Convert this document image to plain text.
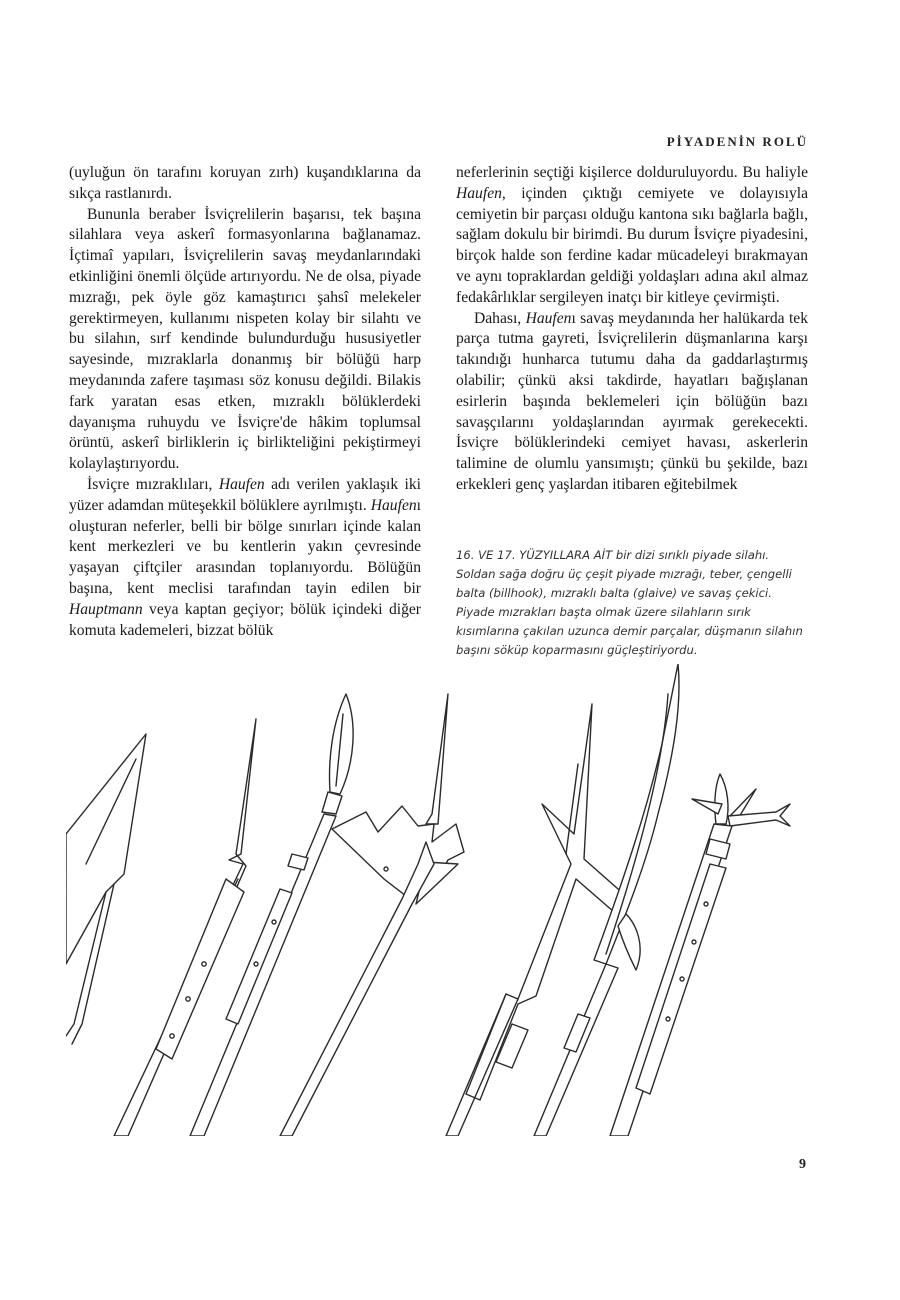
PİYADENİN ROLÜ

(uyluğun ön tarafını koruyan zırh) kuşandıklarına da sıkça rastlanırdı.

Bununla beraber İsviçrelilerin başarısı, tek başına silahlara veya askerî formasyonlarına bağlanamaz. İçtimaî yapıları, İsviçrelilerin savaş meydanlarındaki etkinliğini önemli ölçüde artırıyordu. Ne de olsa, piyade mızrağı, pek öyle göz kamaştırıcı şahsî melekeler gerektirmeyen, kullanımı nispeten kolay bir silahtı ve bu silahın, sırf kendinde bulundurduğu hususiyetler sayesinde, mızraklarla donanmış bir bölüğü harp meydanında zafere taşıması söz konusu değildi. Bilakis fark yaratan esas etken, mızraklı bölüklerdeki dayanışma ruhuydu ve İsviçre'de hâkim toplumsal örüntü, askerî birliklerin iç birlikteliğini pekiştirmeyi kolaylaştırıyordu.

İsviçre mızraklıları, Haufen adı verilen yaklaşık iki yüzer adamdan müteşekkil bölüklere ayrılmıştı. Haufenı oluşturan neferler, belli bir bölge sınırları içinde kalan kent merkezleri ve bu kentlerin yakın çevresinde yaşayan çiftçiler arasından toplanıyordu. Bölüğün başına, kent meclisi tarafından tayin edilen bir Hauptmann veya kaptan geçiyor; bölük içindeki diğer komuta kademeleri, bizzat bölük

neferlerinin seçtiği kişilerce dolduruluyordu. Bu haliyle Haufen, içinden çıktığı cemiyete ve dolayısıyla cemiyetin bir parçası olduğu kantona sıkı bağlarla bağlı, sağlam dokulu bir birimdi. Bu durum İsviçre piyadesini, birçok halde son ferdine kadar mücadeleyi bırakmayan ve aynı topraklardan geldiği yoldaşları adına akıl almaz fedakârlıklar sergileyen inatçı bir kitleye çevirmişti.

Dahası, Haufenı savaş meydanında her halükarda tek parça tutma gayreti, İsviçrelilerin düşmanlarına karşı takındığı hunharca tutumu daha da gaddarlaştırmış olabilir; çünkü aksi takdirde, hayatları bağışlanan esirlerin başında beklemeleri için bölüğün bazı savaşçılarını yoldaşlarından ayırmak gerekecekti. İsviçre bölüklerindeki cemiyet havası, askerlerin talimine de olumlu yansımıştı; çünkü bu şekilde, bazı erkekleri genç yaşlardan itibaren eğitebilmek

16. VE 17. YÜZYILLARA AİT bir dizi sırıklı piyade silahı. Soldan sağa doğru üç çeşit piyade mızrağı, teber, çengelli balta (billhook), mızraklı balta (glaive) ve savaş çekici. Piyade mızrakları başta olmak üzere silahların sırık kısımlarına çakılan uzunca demir parçalar, düşmanın silahın başını söküp koparmasını güçleştiriyordu.
9
